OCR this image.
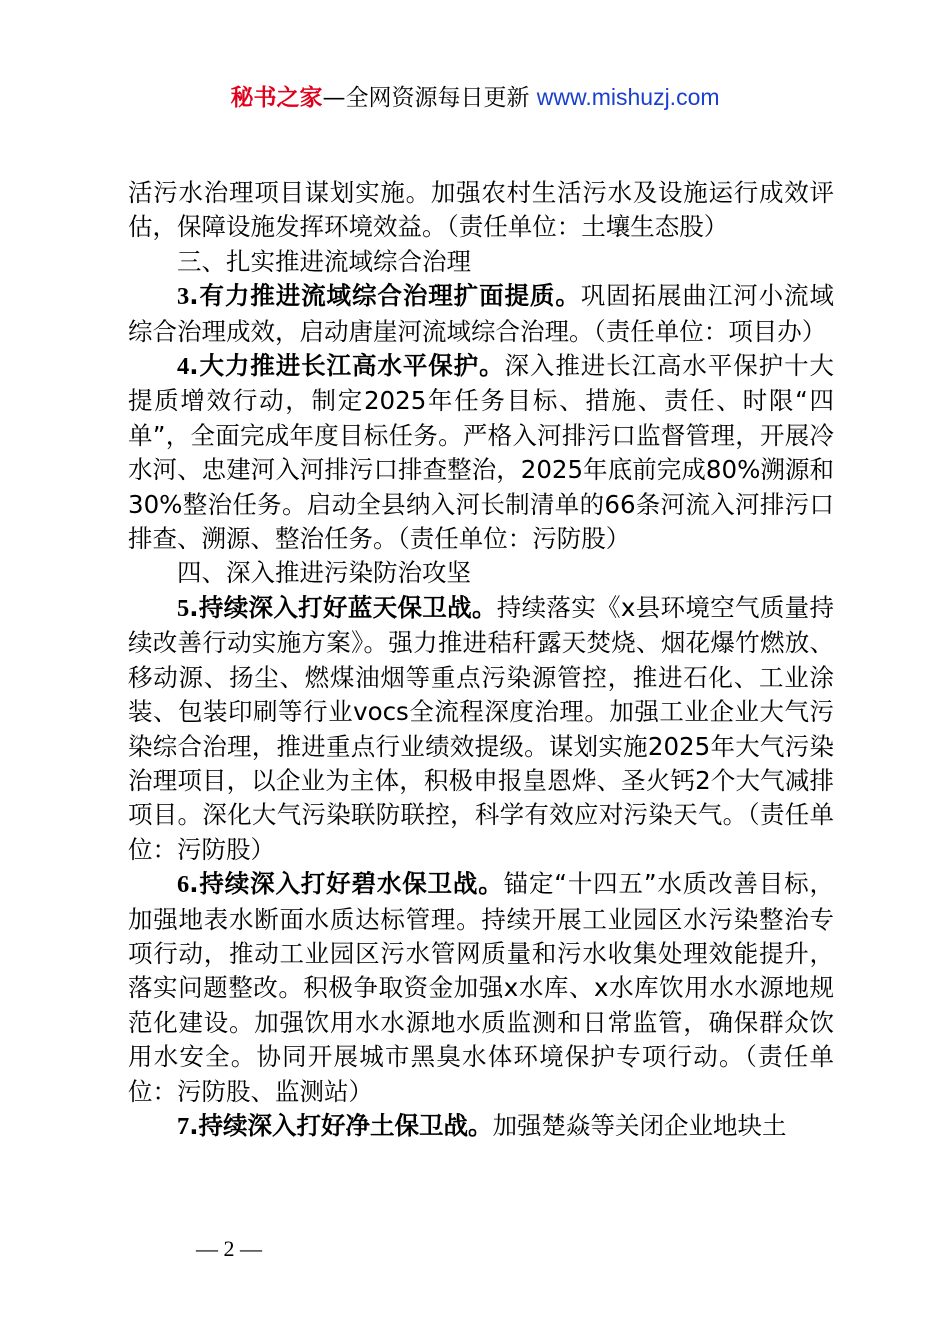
秘书之家—全网资源每日更新 www.mishuzj.com

活污水治理项目谋划实施。加强农村生活污水及设施运行成效评估，保障设施发挥环境效益。（责任单位：土壤生态股）

三、扎实推进流域综合治理

3.有力推进流域综合治理扩面提质。巩固拓展曲江河小流域综合治理成效，启动唐崖河流域综合治理。（责任单位：项目办）

4.大力推进长江高水平保护。深入推进长江高水平保护十大提质增效行动，制定2025年任务目标、措施、责任、时限“四单”，全面完成年度目标任务。严格入河排污口监督管理，开展冷水河、忠建河入河排污口排查整治，2025年底前完成80%溯源和30%整治任务。启动全县纳入河长制清单的66条河流入河排污口排查、溯源、整治任务。（责任单位：污防股）

四、深入推进污染防治攻坚

5.持续深入打好蓝天保卫战。持续落实《x县环境空气质量持续改善行动实施方案》。强力推进秸秆露天焚烧、烟花爆竹燃放、移动源、扬尘、燃煤油烟等重点污染源管控，推进石化、工业涂装、包装印刷等行业vocs全流程深度治理。加强工业企业大气污染综合治理，推进重点行业绩效提级。谋划实施2025年大气污染治理项目，以企业为主体，积极申报皇恩烨、圣火钙2个大气减排项目。深化大气污染联防联控，科学有效应对污染天气。（责任单位：污防股）

6.持续深入打好碧水保卫战。锚定“十四五”水质改善目标，加强地表水断面水质达标管理。持续开展工业园区水污染整治专项行动，推动工业园区污水管网质量和污水收集处理效能提升，落实问题整改。积极争取资金加强x水库、x水库饮用水水源地规范化建设。加强饮用水水源地水质监测和日常监管，确保群众饮用水安全。协同开展城市黑臭水体环境保护专项行动。（责任单位：污防股、监测站）

7.持续深入打好净土保卫战。加强楚焱等关闭企业地块土

— 2 —
